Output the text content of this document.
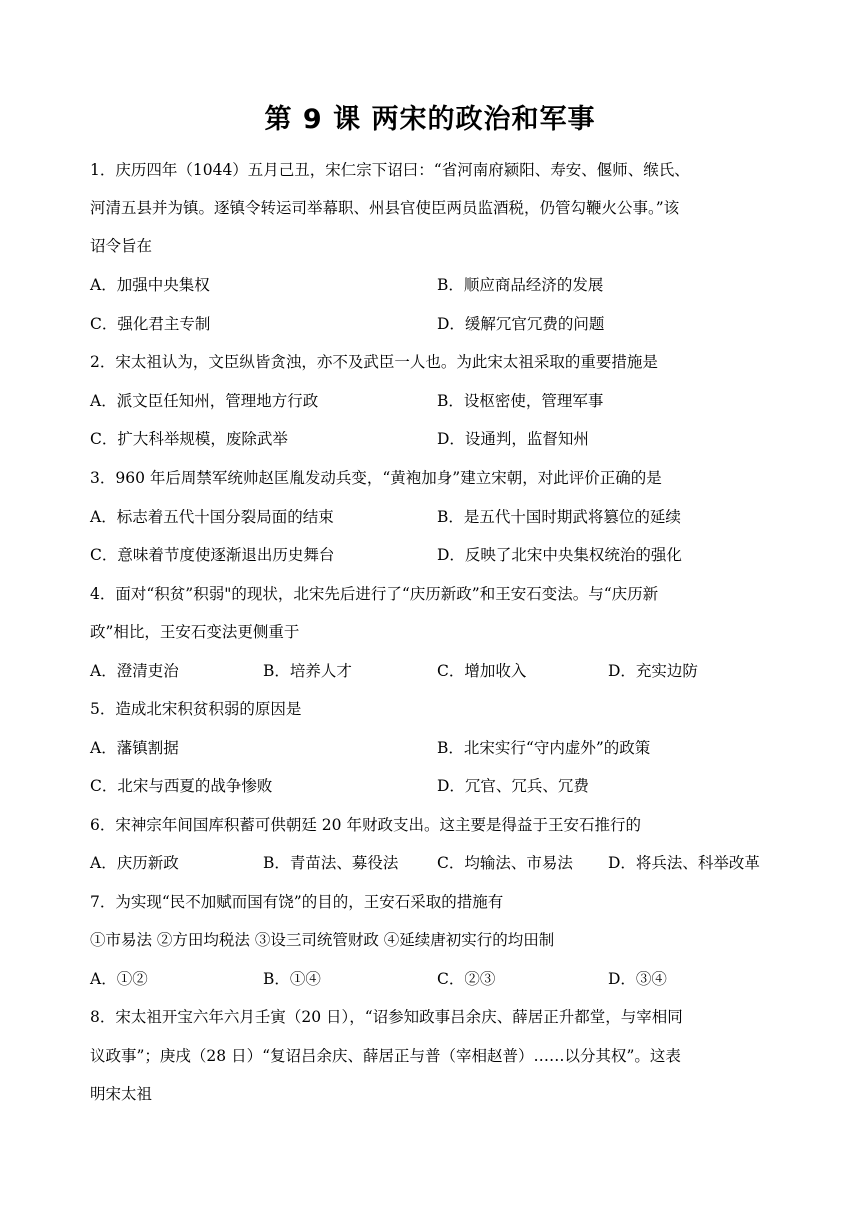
第 9 课 两宋的政治和军事
1．庆历四年（1044）五月己丑，宋仁宗下诏曰：“省河南府颍阳、寿安、偃师、缑氏、
河清五县并为镇。逐镇令转运司举幕职、州县官使臣两员监酒税，仍管勾鞭火公事。”该
诏令旨在
A．加强中央集权	B．顺应商品经济的发展
C．强化君主专制	D．缓解冗官冗费的问题
2．宋太祖认为，文臣纵皆贪浊，亦不及武臣一人也。为此宋太祖采取的重要措施是
A．派文臣任知州，管理地方行政	B．设枢密使，管理军事
C．扩大科举规模，废除武举	D．设通判，监督知州
3．960 年后周禁军统帅赵匡胤发动兵变，“黄袍加身”建立宋朝，对此评价正确的是
A．标志着五代十国分裂局面的结束	B．是五代十国时期武将篡位的延续
C．意味着节度使逐渐退出历史舞台	D．反映了北宋中央集权统治的强化
4．面对“积贫”积弱"的现状，北宋先后进行了“庆历新政”和王安石变法。与“庆历新
政”相比，王安石变法更侧重于
A．澄清吏治	B．培养人才	C．增加收入	D．充实边防
5．造成北宋积贫积弱的原因是
A．藩镇割据	B．北宋实行“守内虚外”的政策
C．北宋与西夏的战争惨败	D．冗官、冗兵、冗费
6．宋神宗年间国库积蓄可供朝廷 20 年财政支出。这主要是得益于王安石推行的
A．庆历新政	B．青苗法、募役法 C．均输法、市易法 D．将兵法、科举改革
7．为实现“民不加赋而国有饶”的目的，王安石采取的措施有
①市易法 ②方田均税法 ③设三司统管财政 ④延续唐初实行的均田制
A．①②	B．①④	C．②③	D．③④
8．宋太祖开宝六年六月壬寅（20 日），“诏参知政事吕余庆、薛居正升都堂，与宰相同
议政事”；庚戌（28 日）“复诏吕余庆、薛居正与普（宰相赵普）……以分其权”。这表
明宋太祖
